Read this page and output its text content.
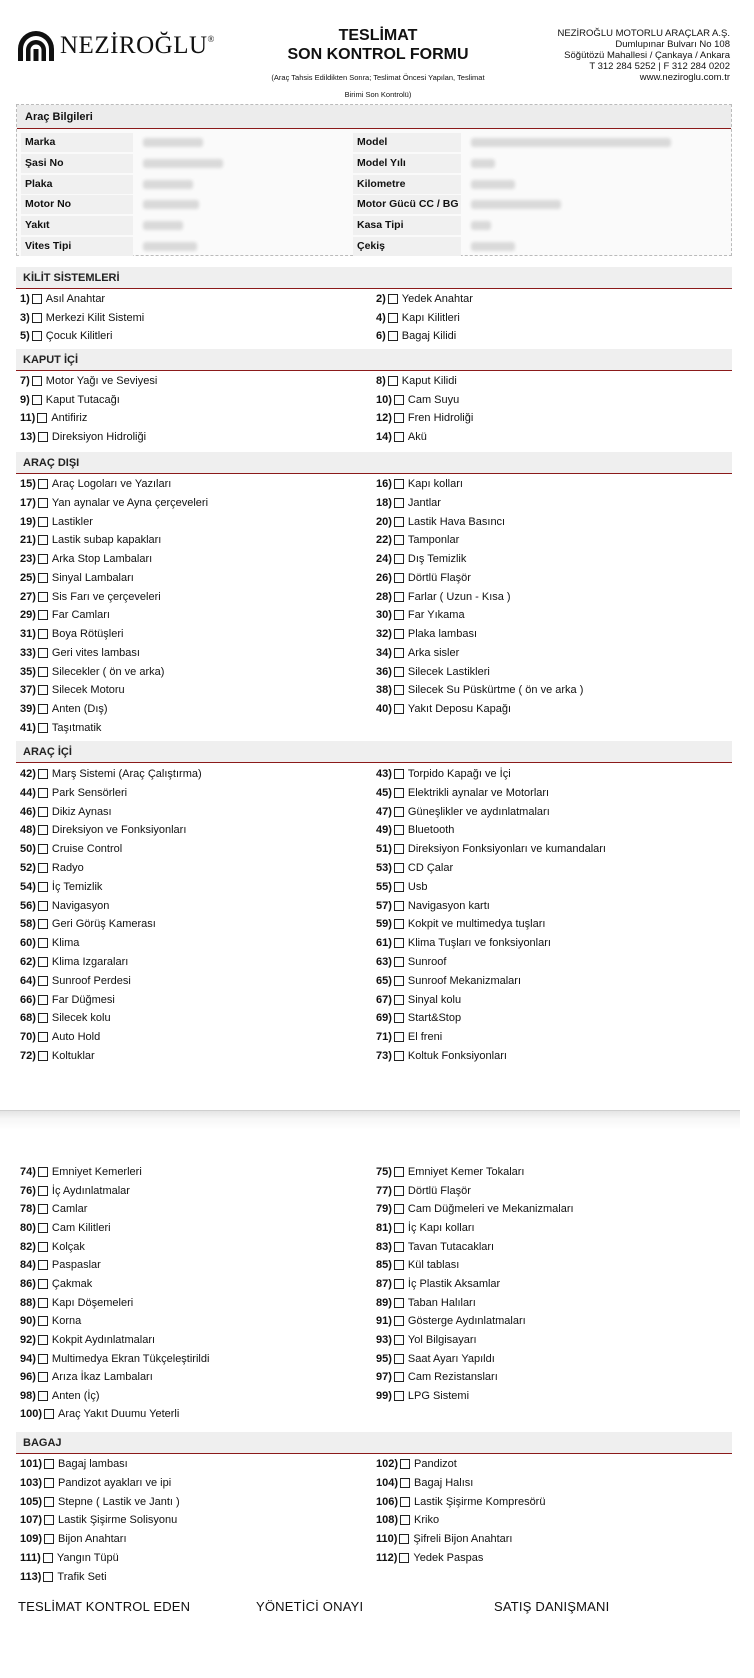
NEZİROĞLU®	TESLİMAT
SON KONTROL FORMU
(Araç Tahsis Edildikten Sonra; Teslimat Öncesi Yapılan, Teslimat
Birimi Son Kontrolü)
NEZİROĞLU MOTORLU ARAÇLAR A.Ş.
Dumlupınar Bulvarı No 108
Söğütözü Mahallesi / Çankaya / Ankara
T 312 284 5252 | F 312 284 0202
www.neziroglu.com.tr
Araç Bilgileri
Marka	Model
Şasi No	Model Yılı
Plaka	Kilometre
Motor No	Motor Gücü CC / BG
Yakıt	Kasa Tipi
Vites Tipi	Çekiş
KİLİT SİSTEMLERİ
KAPUT İÇİ
ARAÇ DIŞI
ARAÇ İÇİ
BAGAJ
1) Asıl Anahtar	2) Yedek Anahtar
3) Merkezi Kilit Sistemi	4) Kapı Kilitleri
5) Çocuk Kilitleri	6) Bagaj Kilidi
7) Motor Yağı ve Seviyesi	8) Kaput Kilidi
9) Kaput Tutacağı	10) Cam Suyu
11) Antifiriz	12) Fren Hidroliği
13) Direksiyon Hidroliği	14) Akü
15) Araç Logoları ve Yazıları	16) Kapı kolları
17) Yan aynalar ve Ayna çerçeveleri	18) Jantlar
19) Lastikler	20) Lastik Hava Basıncı
21) Lastik subap kapakları	22) Tamponlar
23) Arka Stop Lambaları	24) Dış Temizlik
25) Sinyal Lambaları	26) Dörtlü Flaşör
27) Sis Farı ve çerçeveleri	28) Farlar ( Uzun - Kısa )
29) Far Camları	30) Far Yıkama
31) Boya Rötüşleri	32) Plaka lambası
33) Geri vites lambası	34) Arka sisler
35) Silecekler ( ön ve arka)	36) Silecek Lastikleri
37) Silecek Motoru	38) Silecek Su Püskürtme ( ön ve arka )
39) Anten (Dış)	40) Yakıt Deposu Kapağı
41) Taşıtmatik
42) Marş Sistemi (Araç Çalıştırma)	43) Torpido Kapağı ve İçi
44) Park Sensörleri	45) Elektrikli aynalar ve Motorları
46) Dikiz Aynası	47) Güneşlikler ve aydınlatmaları
48) Direksiyon ve Fonksiyonları	49) Bluetooth
50) Cruise Control	51) Direksiyon Fonksiyonları ve kumandaları
52) Radyo	53) CD Çalar
54) İç Temizlik	55) Usb
56) Navigasyon	57) Navigasyon kartı
58) Geri Görüş Kamerası	59) Kokpit ve multimedya tuşları
60) Klima	61) Klima Tuşları ve fonksiyonları
62) Klima Izgaraları	63) Sunroof
64) Sunroof Perdesi	65) Sunroof Mekanizmaları
66) Far Düğmesi	67) Sinyal kolu
68) Silecek kolu	69) Start&Stop
70) Auto Hold	71) El freni
72) Koltuklar	73) Koltuk Fonksiyonları
74) Emniyet Kemerleri	75) Emniyet Kemer Tokaları
76) İç Aydınlatmalar	77) Dörtlü Flaşör
78) Camlar	79) Cam Düğmeleri ve Mekanizmaları
80) Cam Kilitleri	81) İç Kapı kolları
82) Kolçak	83) Tavan Tutacakları
84) Paspaslar	85) Kül tablası
86) Çakmak	87) İç Plastik Aksamlar
88) Kapı Döşemeleri	89) Taban Halıları
90) Korna	91) Gösterge Aydınlatmaları
92) Kokpit Aydınlatmaları	93) Yol Bilgisayarı
94) Multimedya Ekran Tükçeleştirildi	95) Saat Ayarı Yapıldı
96) Arıza İkaz Lambaları	97) Cam Rezistansları
98) Anten (İç)	99) LPG Sistemi
100) Araç Yakıt Duumu Yeterli
101) Bagaj lambası	102) Pandizot
103) Pandizot ayakları ve ipi	104) Bagaj Halısı
105) Stepne ( Lastik ve Jantı )	106) Lastik Şişirme Kompresörü
107) Lastik Şişirme Solisyonu	108) Kriko
109) Bijon Anahtarı	110) Şifreli Bijon Anahtarı
111) Yangın Tüpü	112) Yedek Paspas
113) Trafik Seti
TESLİMAT KONTROL EDEN	YÖNETİCİ ONAYI	SATIŞ DANIŞMANI
